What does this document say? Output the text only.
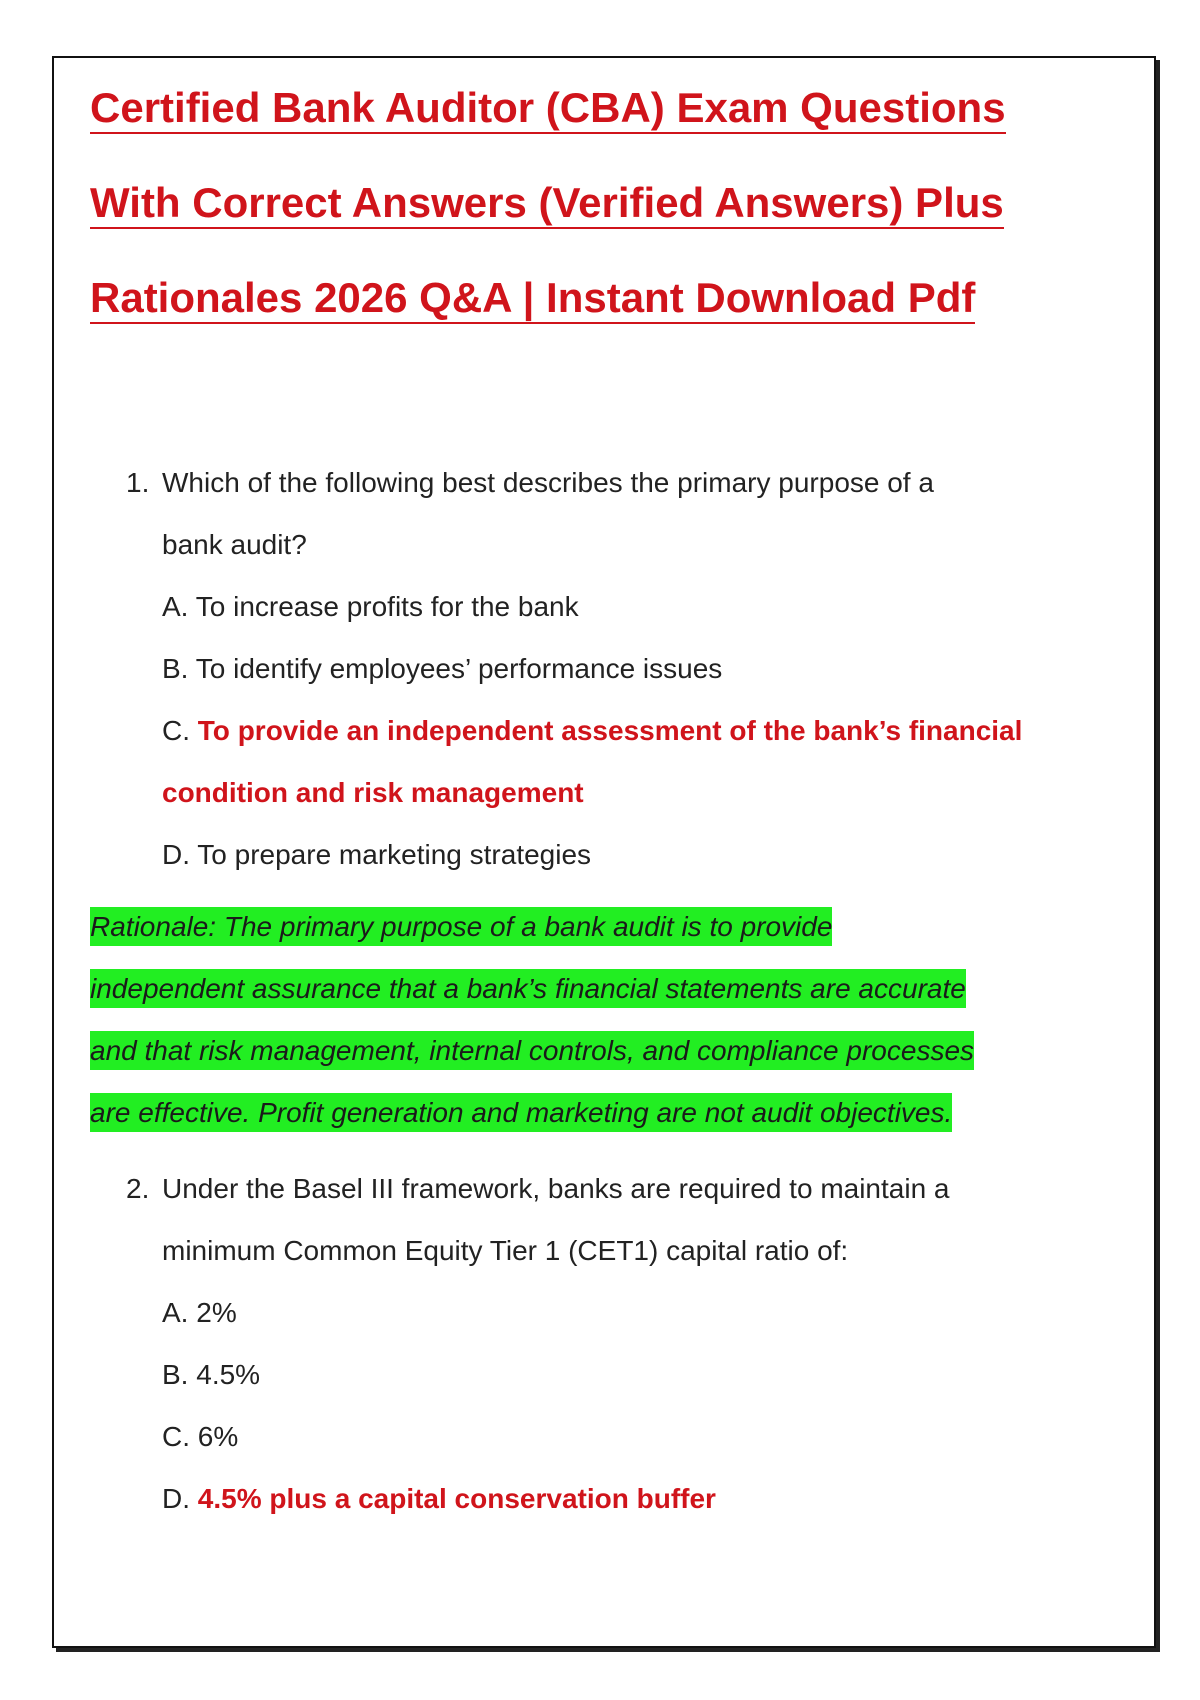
Certified Bank Auditor (CBA) Exam Questions
With Correct Answers (Verified Answers) Plus
Rationales 2026 Q&A | Instant Download Pdf
1. Which of the following best describes the primary purpose of a
bank audit?
A. To increase profits for the bank
B. To identify employees’ performance issues
C. To provide an independent assessment of the bank’s financial
condition and risk management
D. To prepare marketing strategies
Rationale: The primary purpose of a bank audit is to provide
independent assurance that a bank’s financial statements are accurate
and that risk management, internal controls, and compliance processes
are effective. Profit generation and marketing are not audit objectives.
2. Under the Basel III framework, banks are required to maintain a
minimum Common Equity Tier 1 (CET1) capital ratio of:
A. 2%
B. 4.5%
C. 6%
D. 4.5% plus a capital conservation buffer
